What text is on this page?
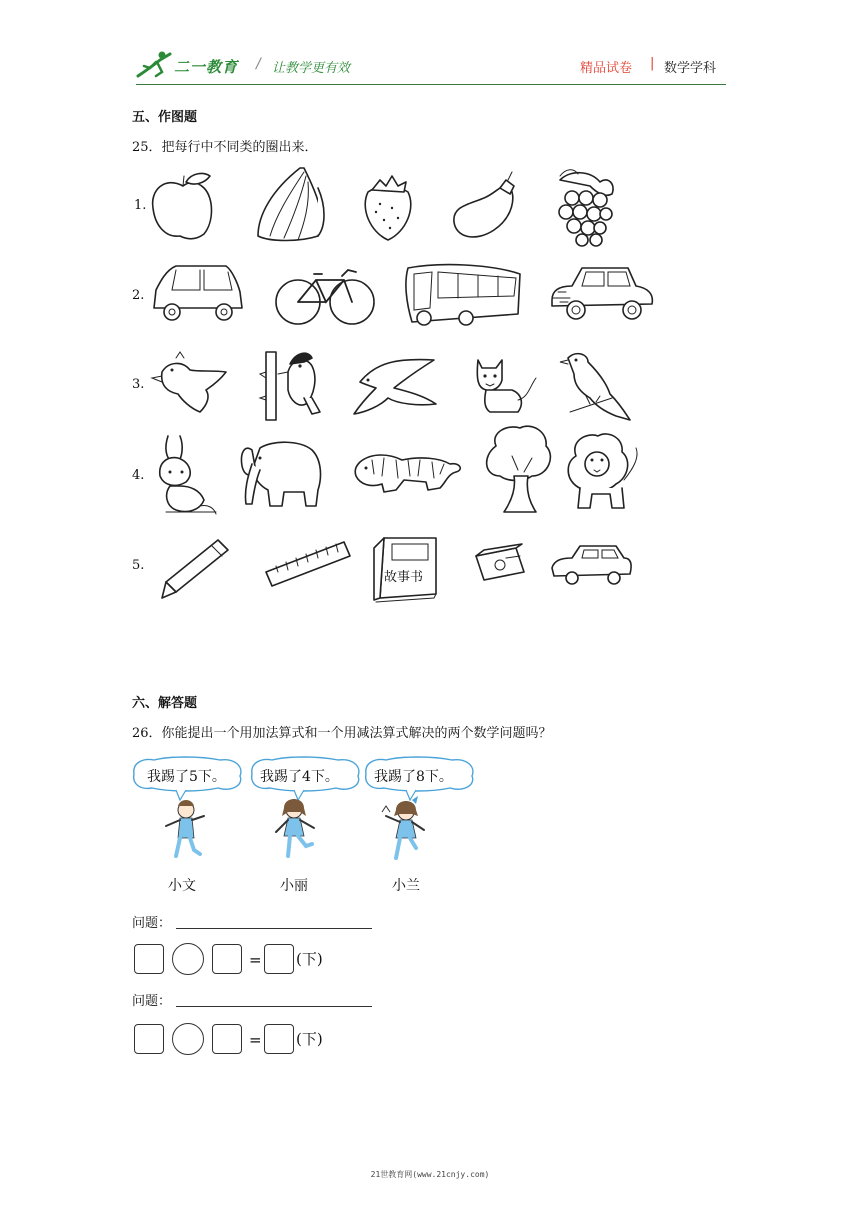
二一教育 / 让教学更有效	精品试卷 | 数学学科
五、作图题
25．把每行中不同类的圈出来．
1.
2.
3.
4.
5.
故事书
六、解答题
26．你能提出一个用加法算式和一个用减法算式解决的两个数学问题吗？
我踢了5下。 我踢了4下。	我踢了8下。
小文	小丽	小兰
问题：
= (下)
问题：
= (下)
21世教育网(www.21cnjy.com)
